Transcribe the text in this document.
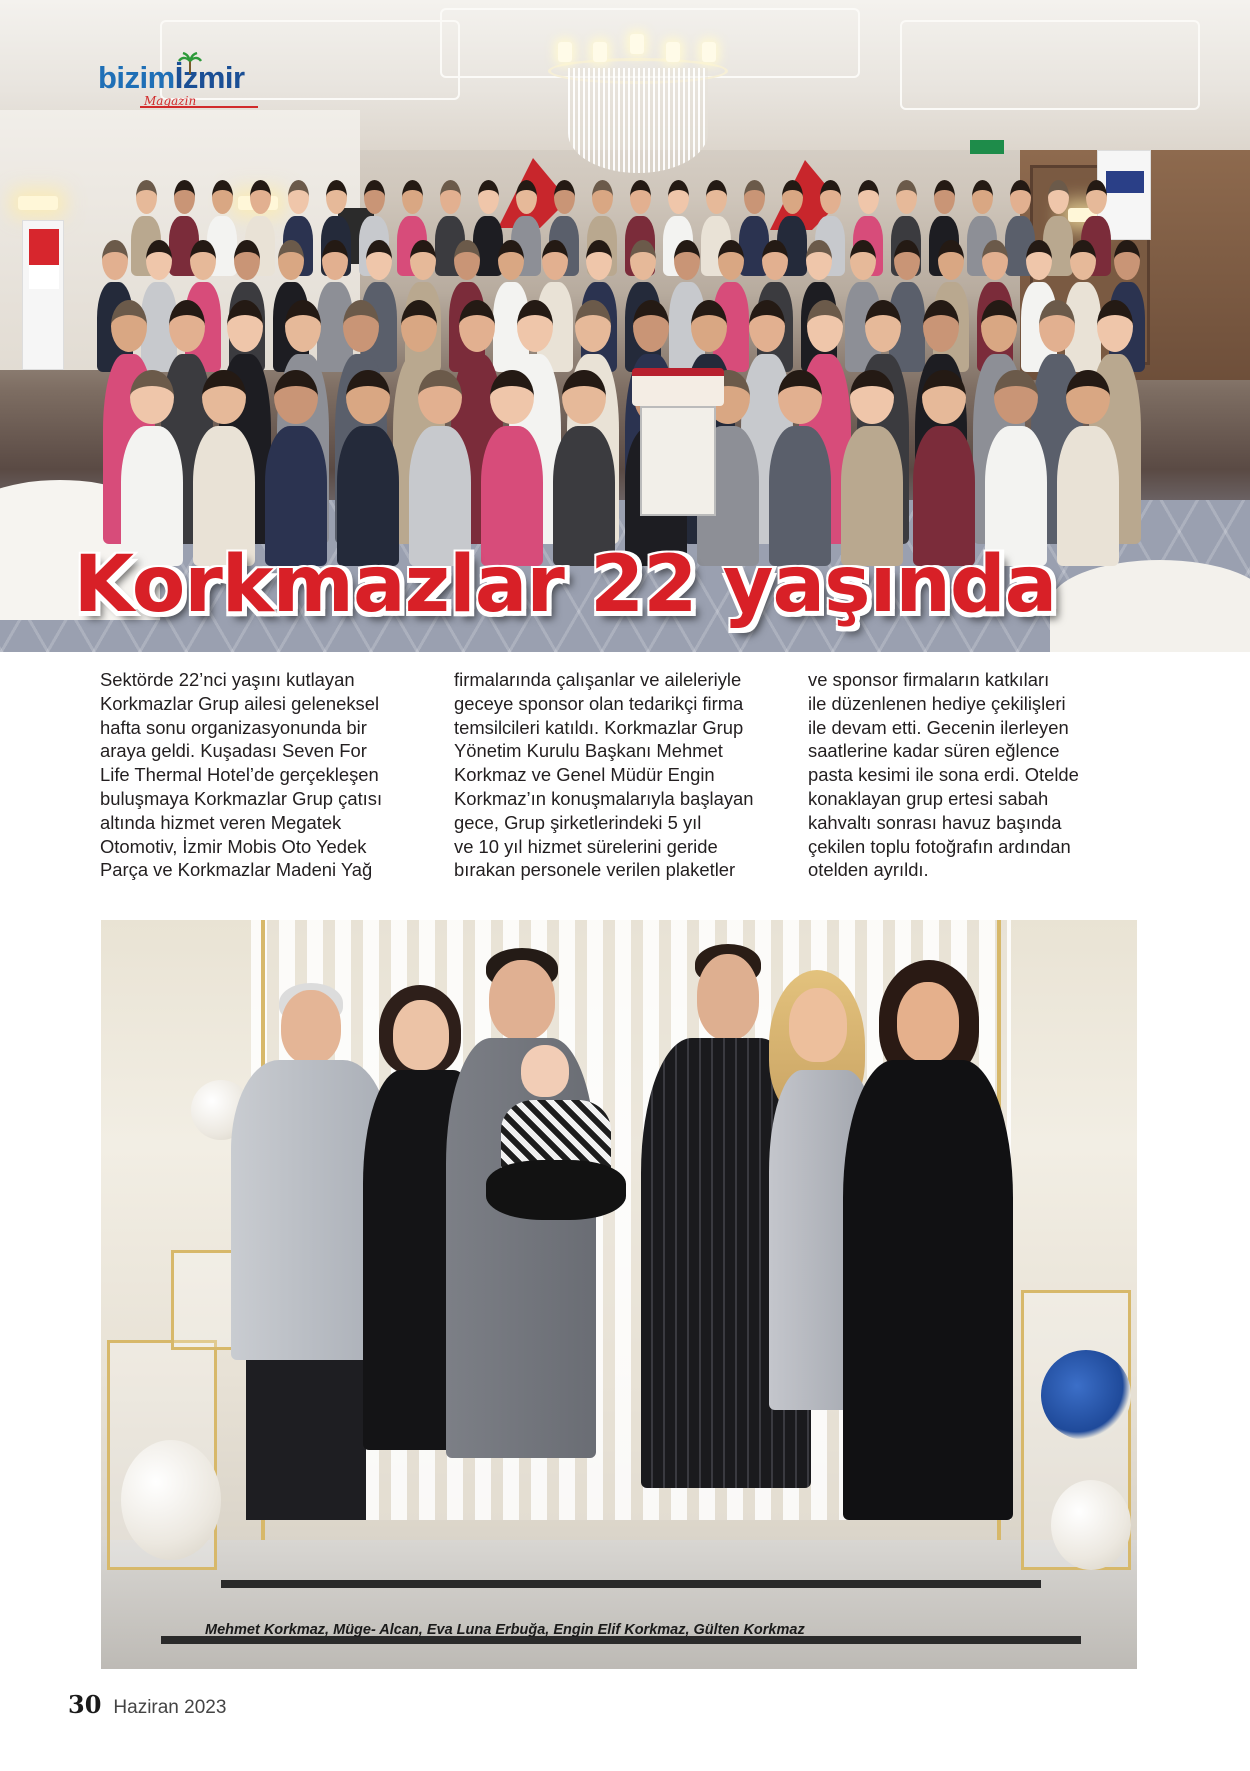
bizimİzmir
Magazin
Korkmazlar 22 yaşında
Sektörde 22’nci yaşını kutlayan
Korkmazlar Grup ailesi geleneksel
hafta sonu organizasyonunda bir
araya geldi. Kuşadası Seven For
Life Thermal Hotel’de gerçekleşen
buluşmaya Korkmazlar Grup çatısı
altında hizmet veren Megatek
Otomotiv, İzmir Mobis Oto Yedek
Parça ve Korkmazlar Madeni Yağ
firmalarında çalışanlar ve aileleriyle
geceye sponsor olan tedarikçi firma
temsilcileri katıldı. Korkmazlar Grup
Yönetim Kurulu Başkanı Mehmet
Korkmaz ve Genel Müdür Engin
Korkmaz’ın konuşmalarıyla başlayan
gece, Grup şirketlerindeki 5 yıl
ve 10 yıl hizmet sürelerini geride
bırakan personele verilen plaketler
ve sponsor firmaların katkıları
ile düzenlenen hediye çekilişleri
ile devam etti. Gecenin ilerleyen
saatlerine kadar süren eğlence
pasta kesimi ile sona erdi. Otelde
konaklayan grup ertesi sabah
kahvaltı sonrası havuz başında
çekilen toplu fotoğrafın ardından
otelden ayrıldı.
Mehmet Korkmaz, Müge- Alcan, Eva Luna Erbuğa, Engin Elif Korkmaz, Gülten Korkmaz
30 Haziran 2023
